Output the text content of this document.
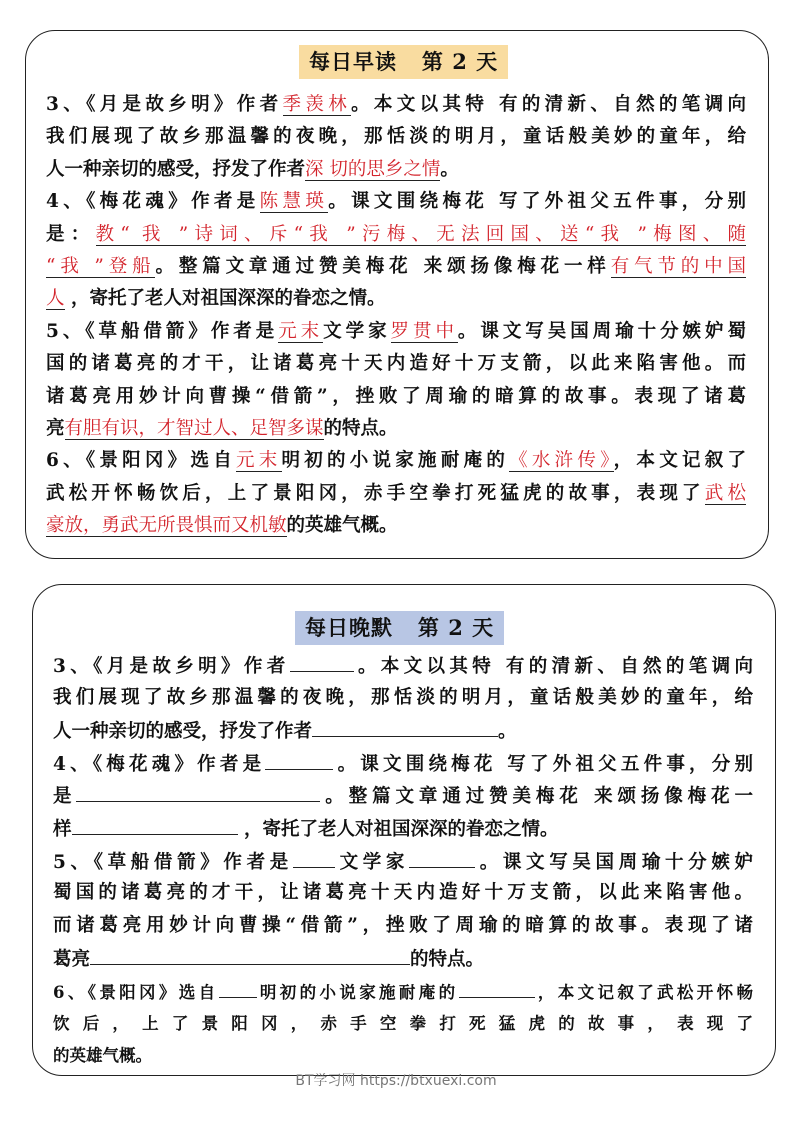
每日早读   第 2 天
3、《月是故乡明》作者季羡林。本文以其特 有的清新、自然的笔调向
我们展现了故乡那温馨的夜晚，那恬淡的明月，童话般美妙的童年，给
人一种亲切的感受，抒发了作者深 切的思乡之情。
4、《梅花魂》作者是陈慧瑛。课文围绕梅花 写了外祖父五件事，分别
是：教“ 我 ”诗词、斥“我 ”污梅、无法回国、送“我 ”梅图、随
“我 ”登船。整篇文章通过赞美梅花 来颂扬像梅花一样有气节的中国
人 ，寄托了老人对祖国深深的眷恋之情。
5、《草船借箭》作者是元末文学家罗贯中。课文写吴国周瑜十分嫉妒蜀
国的诸葛亮的才干，让诸葛亮十天内造好十万支箭，以此来陷害他。而
诸葛亮用妙计向曹操“借箭”，挫败了周瑜的暗算的故事。表现了诸葛
亮有胆有识，才智过人、足智多谋的特点。
6、《景阳冈》选自元末明初的小说家施耐庵的《水浒传》，本文记叙了
武松开怀畅饮后，上了景阳冈，赤手空拳打死猛虎的故事，表现了武松
豪放，勇武无所畏惧而又机敏的英雄气概。
每日晚默   第 2 天
3、《月是故乡明》作者	。本文以其特 有的清新、自然的笔调向
我们展现了故乡那温馨的夜晚，那恬淡的明月，童话般美妙的童年，给
人一种亲切的感受，抒发了作者	。
4、《梅花魂》作者是	。课文围绕梅花 写了外祖父五件事，分别
是	。整篇文章通过赞美梅花 来颂扬像梅花一
样	，寄托了老人对祖国深深的眷恋之情。
5、《草船借箭》作者是 文学家	。课文写吴国周瑜十分嫉妒
蜀国的诸葛亮的才干，让诸葛亮十天内造好十万支箭，以此来陷害他。
而诸葛亮用妙计向曹操“借箭”，挫败了周瑜的暗算的故事。表现了诸
葛亮	的特点。
6、《景阳冈》选自 明初的小说家施耐庵的	，本文记叙了武松开怀畅
饮后，上了景阳冈，赤手空拳打死猛虎的故事，表现了
的英雄气概。
BT学习网 https://btxuexi.com
